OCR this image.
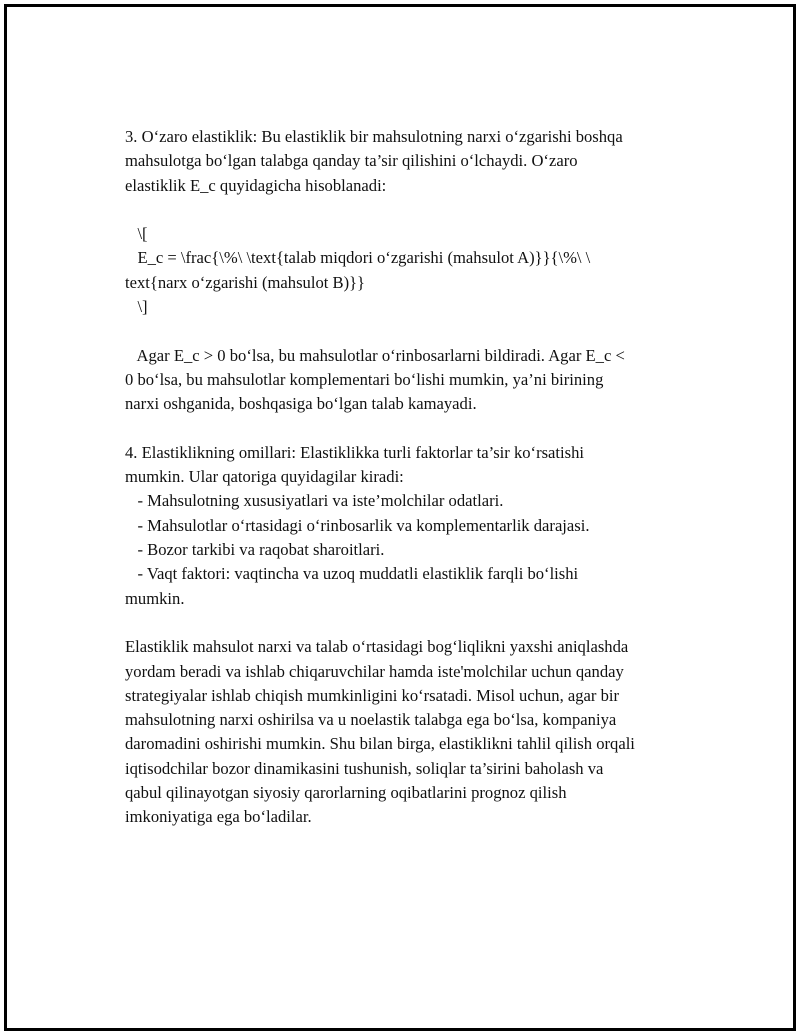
3. O‘zaro elastiklik: Bu elastiklik bir mahsulotning narxi o‘zgarishi boshqa
mahsulotga bo‘lgan talabga qanday ta’sir qilishini o‘lchaydi. O‘zaro
elastiklik E_c quyidagicha hisoblanadi:
\[
E_c = \frac{\%\ \text{talab miqdori o‘zgarishi (mahsulot A)}}{\%\ \
text{narx o‘zgarishi (mahsulot B)}}
\]
Agar E_c > 0 bo‘lsa, bu mahsulotlar o‘rinbosarlarni bildiradi. Agar E_c <
0 bo‘lsa, bu mahsulotlar komplementari bo‘lishi mumkin, ya’ni birining
narxi oshganida, boshqasiga bo‘lgan talab kamayadi.
4. Elastiklikning omillari: Elastiklikka turli faktorlar ta’sir ko‘rsatishi
mumkin. Ular qatoriga quyidagilar kiradi:
- Mahsulotning xususiyatlari va iste’molchilar odatlari.
- Mahsulotlar o‘rtasidagi o‘rinbosarlik va komplementarlik darajasi.
- Bozor tarkibi va raqobat sharoitlari.
- Vaqt faktori: vaqtincha va uzoq muddatli elastiklik farqli bo‘lishi
mumkin.
Elastiklik mahsulot narxi va talab o‘rtasidagi bog‘liqlikni yaxshi aniqlashda
yordam beradi va ishlab chiqaruvchilar hamda iste'molchilar uchun qanday
strategiyalar ishlab chiqish mumkinligini ko‘rsatadi. Misol uchun, agar bir
mahsulotning narxi oshirilsa va u noelastik talabga ega bo‘lsa, kompaniya
daromadini oshirishi mumkin. Shu bilan birga, elastiklikni tahlil qilish orqali
iqtisodchilar bozor dinamikasini tushunish, soliqlar ta’sirini baholash va
qabul qilinayotgan siyosiy qarorlarning oqibatlarini prognoz qilish
imkoniyatiga ega bo‘ladilar.
